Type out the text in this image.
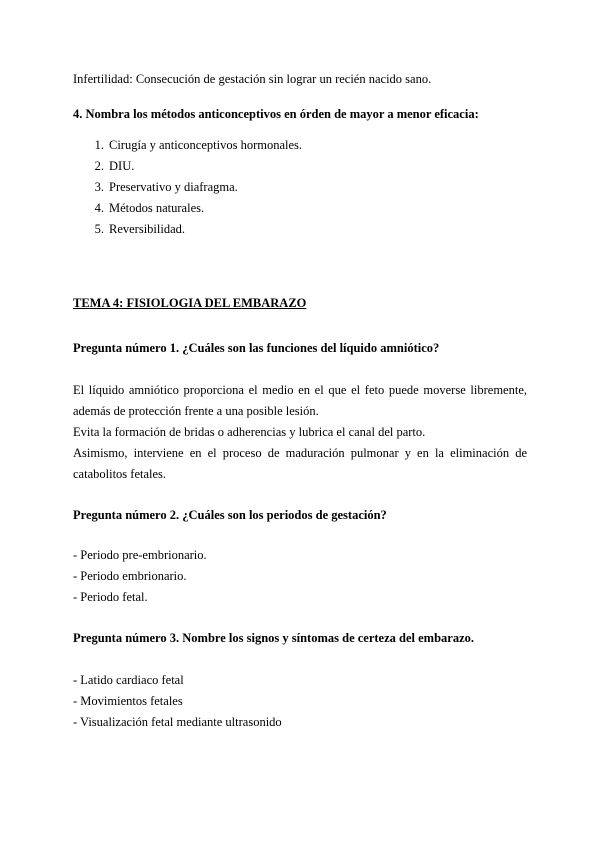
Infertilidad: Consecución de gestación sin lograr un recién nacido sano.
4. Nombra los métodos anticonceptivos en órden de mayor a menor eficacia:
1. Cirugía y anticonceptivos hormonales.
2. DIU.
3. Preservativo y diafragma.
4. Métodos naturales.
5. Reversibilidad.
TEMA 4: FISIOLOGIA DEL EMBARAZO
Pregunta número 1. ¿Cuáles son las funciones del líquido amniótico?
El líquido amniótico proporciona el medio en el que el feto puede moverse libremente, además de protección frente a una posible lesión.
Evita la formación de bridas o adherencias y lubrica el canal del parto.
Asimismo, interviene en el proceso de maduración pulmonar y en la eliminación de catabolitos fetales.
Pregunta número 2. ¿Cuáles son los periodos de gestación?
- Periodo pre-embrionario.
- Periodo embrionario.
- Periodo fetal.
Pregunta número 3. Nombre los signos y síntomas de certeza del embarazo.
- Latido cardiaco fetal
- Movimientos fetales
- Visualización fetal mediante ultrasonido
